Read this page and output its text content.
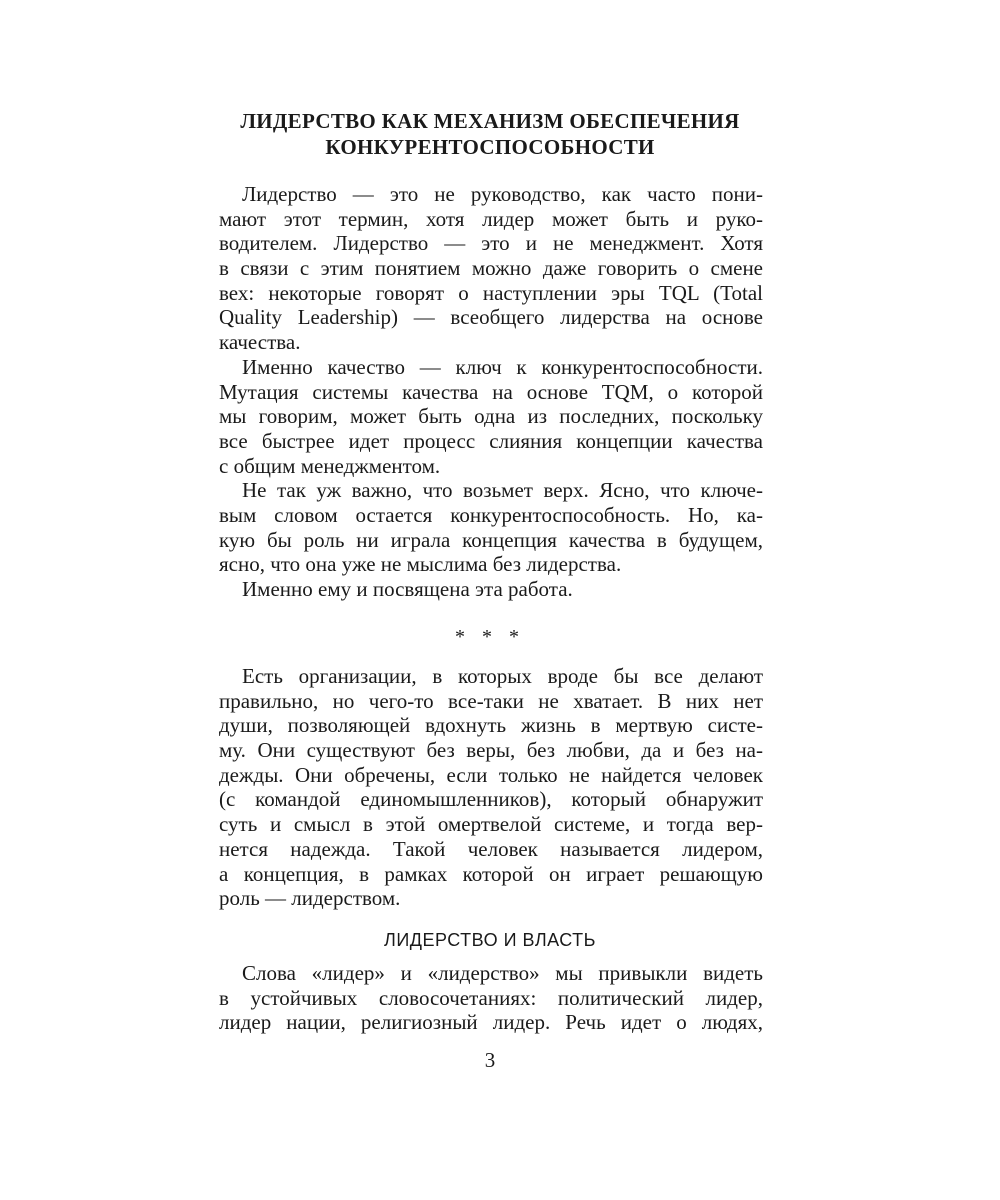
ЛИДЕРСТВО КАК МЕХАНИЗМ ОБЕСПЕЧЕНИЯ
КОНКУРЕНТОСПОСОБНОСТИ
Лидерство — это не руководство, как часто пони-
мают этот термин, хотя лидер может быть и руко-
водителем. Лидерство — это и не менеджмент. Хотя
в связи с этим понятием можно даже говорить о смене
вех: некоторые говорят о наступлении эры TQL (Total
Quality Leadership) — всеобщего лидерства на основе
качества.
Именно качество — ключ к конкурентоспособности.
Мутация системы качества на основе TQM, о которой
мы говорим, может быть одна из последних, поскольку
все быстрее идет процесс слияния концепции качества
с общим менеджментом.
Не так уж важно, что возьмет верх. Ясно, что ключе-
вым словом остается конкурентоспособность. Но, ка-
кую бы роль ни играла концепция качества в будущем,
ясно, что она уже не мыслима без лидерства.
Именно ему и посвящена эта работа.
* * *
Есть организации, в которых вроде бы все делают
правильно, но чего-то все-таки не хватает. В них нет
души, позволяющей вдохнуть жизнь в мертвую систе-
му. Они существуют без веры, без любви, да и без на-
дежды. Они обречены, если только не найдется человек
(с командой единомышленников), который обнаружит
суть и смысл в этой омертвелой системе, и тогда вер-
нется надежда. Такой человек называется лидером,
а концепция, в рамках которой он играет решающую
роль — лидерством.
ЛИДЕРСТВО И ВЛАСТЬ
Слова «лидер» и «лидерство» мы привыкли видеть
в устойчивых словосочетаниях: политический лидер,
лидер нации, религиозный лидер. Речь идет о людях,
3
